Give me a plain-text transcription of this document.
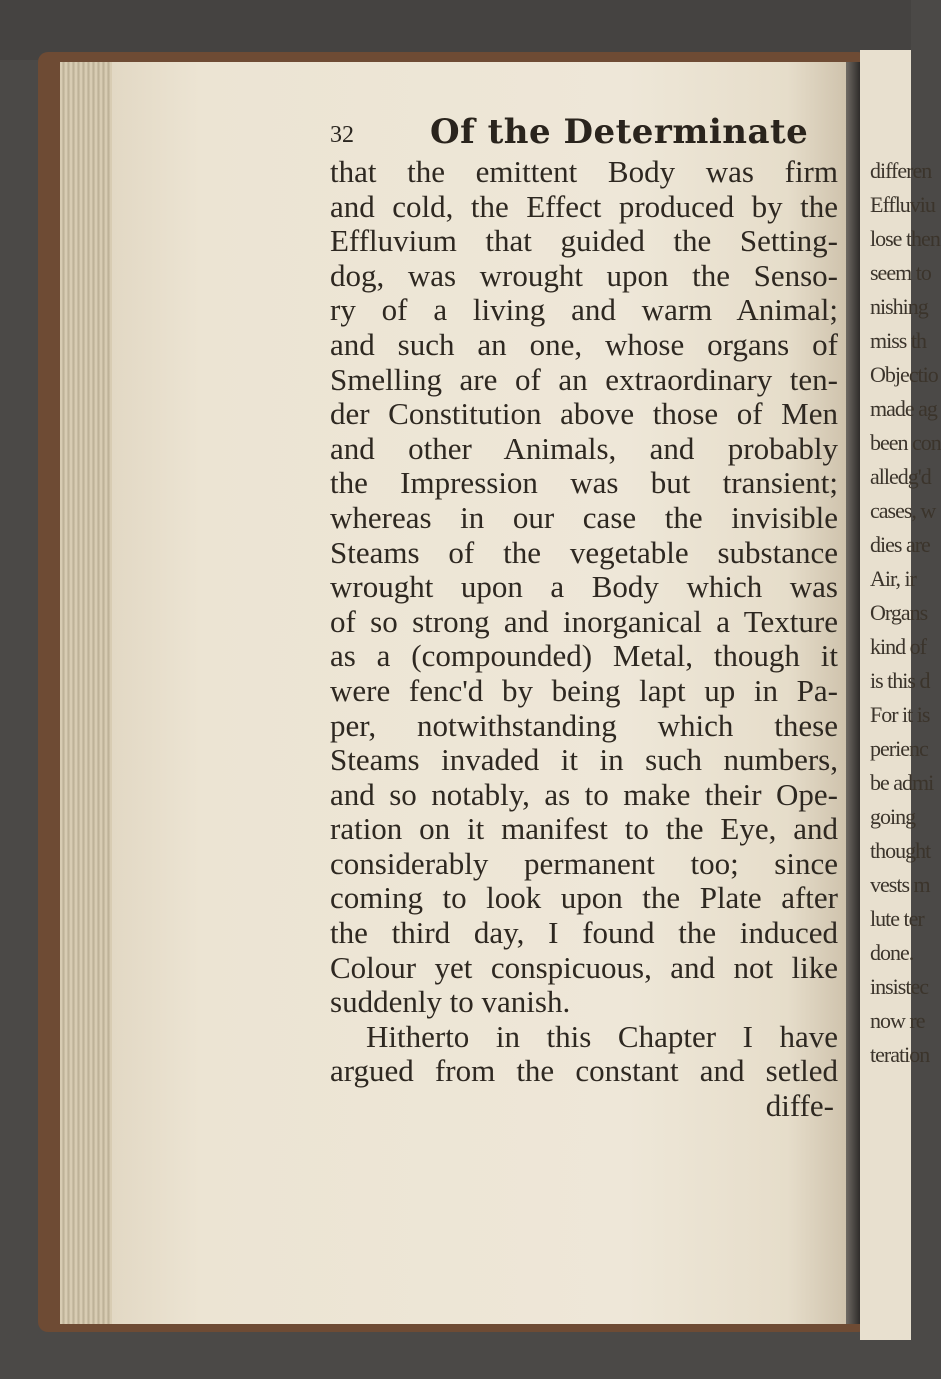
differen
Effluviu
lose then
seem to
nishing
miss th
Objectio
made ag
been con
alledg'd
cases, w
dies are
Air, ir
Organs
kind of
is this d
For it is
perienc
be admi
going
thought
vests m
lute ter
done.
insistec
now re
teration
32 Of the Determinate
that the emittent Body was firm
and cold, the Effect produced by the
Effluvium that guided the Setting-
dog, was wrought upon the Senso-
ry of a living and warm Animal;
and such an one, whose organs of
Smelling are of an extraordinary ten-
der Constitution above those of Men
and other Animals, and probably
the Impression was but transient;
whereas in our case the invisible
Steams of the vegetable substance
wrought upon a Body which was
of so strong and inorganical a Texture
as a (compounded) Metal, though it
were fenc'd by being lapt up in Pa-
per, notwithstanding which these
Steams invaded it in such numbers,
and so notably, as to make their Ope-
ration on it manifest to the Eye, and
considerably permanent too; since
coming to look upon the Plate after
the third day, I found the induced
Colour yet conspicuous, and not like
suddenly to vanish.
Hitherto in this Chapter I have
argued from the constant and setled
diffe-
